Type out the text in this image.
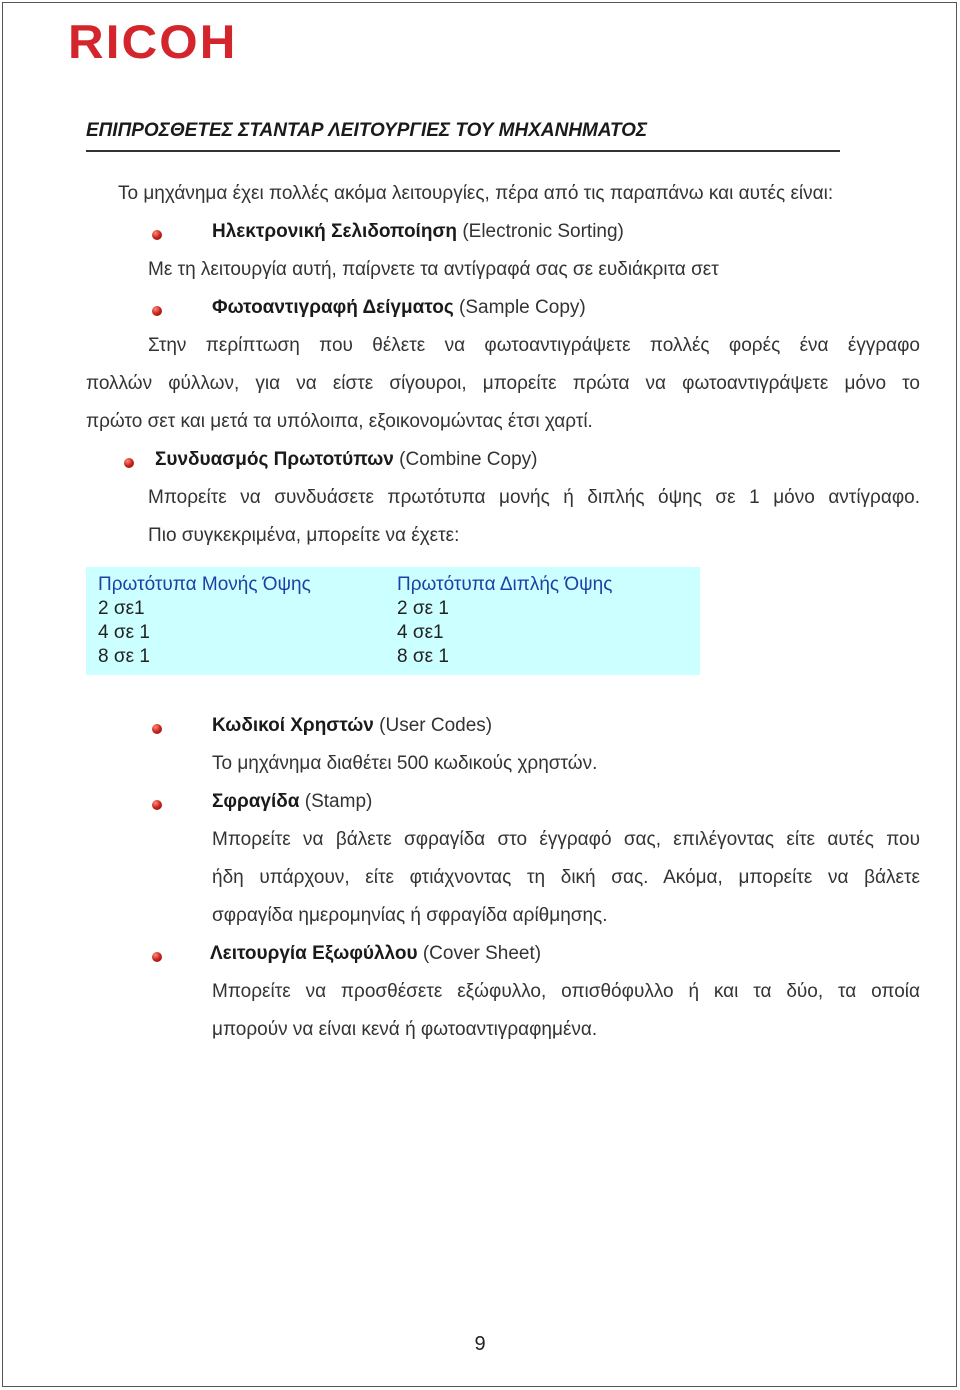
RICOH
ΕΠΙΠΡΟΣΘΕΤΕΣ ΣΤΑΝΤΑΡ ΛΕΙΤΟΥΡΓΙΕΣ ΤΟΥ ΜΗΧΑΝΗΜΑΤΟΣ
Το μηχάνημα έχει πολλές ακόμα λειτουργίες, πέρα από τις παραπάνω και αυτές είναι:
Ηλεκτρονική Σελιδοποίηση (Electronic Sorting)
Με τη λειτουργία αυτή, παίρνετε τα αντίγραφά σας σε ευδιάκριτα σετ
Φωτοαντιγραφή Δείγματος (Sample Copy)
Στην περίπτωση που θέλετε να φωτοαντιγράψετε πολλές φορές ένα έγγραφο
πολλών φύλλων, για να είστε σίγουροι, μπορείτε πρώτα να φωτοαντιγράψετε μόνο το
πρώτο σετ και μετά τα υπόλοιπα, εξοικονομώντας έτσι χαρτί.
Συνδυασμός Πρωτοτύπων (Combine Copy)
Μπορείτε να συνδυάσετε πρωτότυπα μονής ή διπλής όψης σε 1 μόνο αντίγραφο.
Πιο συγκεκριμένα, μπορείτε να έχετε:
Πρωτότυπα Μονής Όψης
2 σε1
4 σε 1
8 σε 1
Πρωτότυπα Διπλής Όψης
2 σε 1
4 σε1
8 σε 1
Κωδικοί Χρηστών (User Codes)
Το μηχάνημα διαθέτει 500 κωδικούς χρηστών.
Σφραγίδα (Stamp)
Μπορείτε να βάλετε σφραγίδα στο έγγραφό σας, επιλέγοντας είτε αυτές που
ήδη υπάρχουν, είτε φτιάχνοντας τη δική σας. Ακόμα, μπορείτε να βάλετε
σφραγίδα ημερομηνίας ή σφραγίδα αρίθμησης.
Λειτουργία Εξωφύλλου (Cover Sheet)
Μπορείτε να προσθέσετε εξώφυλλο, οπισθόφυλλο ή και τα δύο, τα οποία
μπορούν να είναι κενά ή φωτοαντιγραφημένα.
9
